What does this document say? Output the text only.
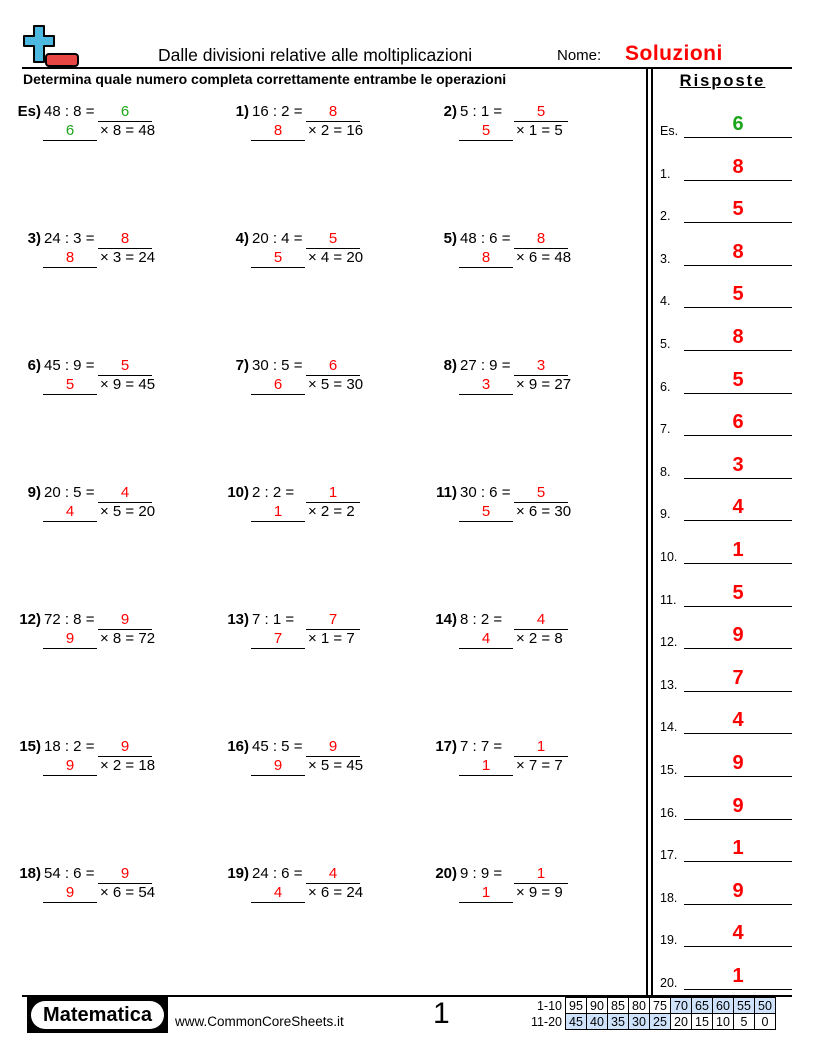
Dalle divisioni relative alle moltiplicazioni	Nome: Soluzioni
Determina quale numero completa correttamente entrambe le operazioni	Risposte
Es) 48 : 8 =	6
6	× 8 = 48
1) 16 : 2 =	8
8	× 2 = 16
2) 5 : 1 =	5
5	× 1 = 5
3) 24 : 3 =	8
8	× 3 = 24
4) 20 : 4 =	5
5	× 4 = 20
5) 48 : 6 =	8
8	× 6 = 48
6) 45 : 9 =	5
5	× 9 = 45
7) 30 : 5 =	6
6	× 5 = 30
8) 27 : 9 =	3
3	× 9 = 27
9) 20 : 5 =	4
4	× 5 = 20
10) 2 : 2 =	1
1	× 2 = 2
11) 30 : 6 =	5
5	× 6 = 30
12) 72 : 8 =	9
9	× 8 = 72
13) 7 : 1 =	7
7	× 1 = 7
14) 8 : 2 =	4
4	× 2 = 8
15) 18 : 2 =	9
9	× 2 = 18
16) 45 : 5 =	9
9	× 5 = 45
17) 7 : 7 =	1
1	× 7 = 7
18) 54 : 6 =	9
9	× 6 = 54
19) 24 : 6 =	4
4	× 6 = 24
20) 9 : 9 =	1
1	× 9 = 9
Es.	6
1.	8
2.	5
3.	8
4.	5
5.	8
6.	5
7.	6
8.	3
9.	4
10.	1
11.	5
12.	9
13.	7
14.	4
15.	9
16.	9
17.	1
18.	9
19.	4
20.	1
Matematica	www.CommonCoreSheets.it	1	1-10	95	90	85	80	75	70	65	60	55	50
11-20	45	40	35	30	25	20	15	10	5	0
